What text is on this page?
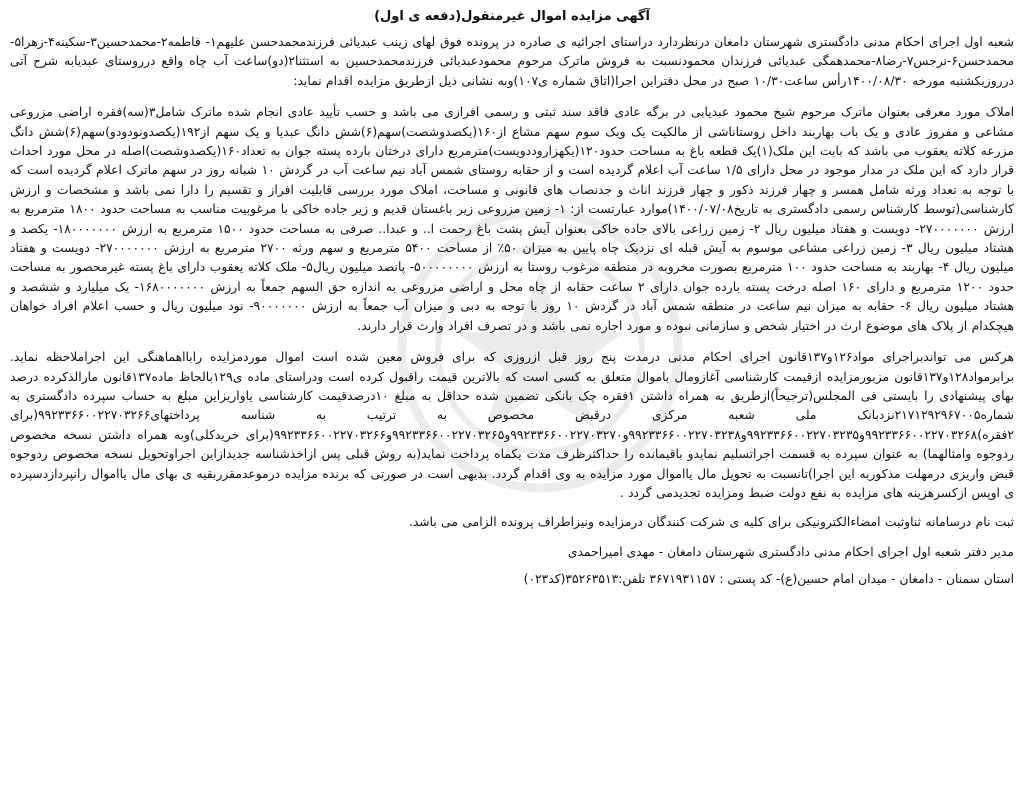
آگهی مزایده اموال غیرمنقول(دفعه ی اول)

شعبه اول اجرای احکام مدنی دادگستری شهرستان دامغان درنظردارد دراستای اجرائیه ی صادره در پرونده فوق لهای زینب عبدیائی فرزندمحمدحسن علیهم۱- فاطمه۲-محمدحسین۳-سکینه۴-زهرا۵-محمدحسن۶-نرجس۷-رضا۸-محمدهمگی عبدیائی فرزندان محمودنسبت به فروش ماترک مرحوم محمودعبدیائی فرزندمحمدحسین به استثنا۲(دو)ساعت آب چاه واقع درروستای عبدیابه شرح آتی درروزیکشنبه مورخه ۱۴۰۰/۰۸/۳۰رأس ساعت۱۰/۳۰ صبح در محل دفتراین اجرا(اتاق شماره ی۱۰۷)وبه نشانی ذیل ازطریق مزایده اقدام نماید:

املاک مورد معرفی بعنوان ماترک مرحوم شیخ محمود عبدیابی در برگه عادی فاقد سند ثبتی و رسمی افرازی می باشد و حسب تأیید عادی انجام شده ماترک شامل۳(سه)فقره اراضی مزروعی مشاعی و مفروز عادی و یک باب بهاربند داخل روستاناشی از مالکیت یک ویک سوم سهم مشاع از۱۶۰(یکصدوشصت)سهم(۶)شش دانگ عبدیا و یک سهم از۱۹۲(یکصدونودودو)سهم(۶)شش دانگ مزرعه کلاته یعقوب می باشد که بابت این ملک(۱)یک قطعه باغ به مساحت حدود۱۲۰(یکهزاروددویست)مترمربع دارای درختان بارده پسته جوان به تعداد۱۶۰(یکصدوشصت)اصله در محل مورد احداث قرار دارد که این ملک در مدار موجود در محل دارای ۱/۵ ساعت آب اعلام گردیده است و از حقابه روستای شمس آباد نیم ساعت آب در گردش ۱۰ شبانه روز در سهم ماترک اعلام گردیده است که با توجه به تعداد ورثه شامل همسر و چهار فرزند ذکور و چهار فرزند اناث و جدنصاب های قانونی و مساحت، املاک مورد بررسی قابلیت افراز و تقسیم را دارا نمی باشد و مشخصات و ارزش کارشناسی(توسط کارشناس رسمی دادگستری به تاریخ۱۴۰۰/۰۷/۰۸)موارد عبارتست از: ۱- زمین مزروعی زیر باغستان قدیم و زیر جاده خاکی با مرغوبیت مناسب به مساحت حدود ۱۸۰۰ مترمربع به ارزش ۲۷۰۰۰۰۰۰۰- دویست و هفتاد میلیون ریال ۲- زمین زراعی بالای جاده خاکی بعنوان آیش پشت باغ رحمت ا.. و عبدا.. صرفی به مساحت حدود ۱۵۰۰ مترمربع به ارزش ۱۸۰۰۰۰۰۰۰- یکصد و هشتاد میلیون ریال ۳- زمین زراعی مشاعی موسوم به آیش قبله ای نزدیک چاه پایین به میزان ۵۰٪ از مساحت ۵۴۰۰ مترمربع و سهم ورثه ۲۷۰۰ مترمربع به ارزش ۲۷۰۰۰۰۰۰۰- دویست و هفتاد میلیون ریال ۴- بهاربند به مساحت حدود ۱۰۰ مترمربع بصورت مخروبه در منطقه مرغوب روستا به ارزش ۵۰۰۰۰۰۰۰۰- پانصد میلیون ریال۵- ملک کلاته یعقوب دارای باغ پسته غیرمحصور به مساحت حدود ۱۲۰۰ مترمربع و دارای ۱۶۰ اصله درخت پسته بارده جوان دارای ۲ ساعت حقابه از چاه محل و اراضی مزروعی به اندازه حق السهم جمعاً به ارزش ۱۶۸۰۰۰۰۰۰۰- یک میلیارد و ششصد و هشتاد میلیون ریال ۶- حقابه به میزان نیم ساعت در منطقه شمس آباد در گردش ۱۰ روز با توجه به دبی و میزان آب جمعاً به ارزش ۹۰۰۰۰۰۰۰- نود میلیون ریال و حسب اعلام افراد خواهان هیچکدام از پلاک های موضوع ارث در اختیار شخص و سازمانی نبوده و مورد اجاره نمی باشد و در تصرف افراد وارث قرار دارند.

هرکس می تواندبراجرای مواد۱۲۶و۱۳۷قانون اجرای احکام مدنی درمدت پنج روز قبل ازروزی که برای فروش معین شده است اموال موردمزایده رابااهماهنگی این اجراملاحظه نماید. برابرمواد۱۲۸و۱۳۷قانون مزبورمزایده ازقیمت کارشناسی آغازومال باموال متعلق به کسی است که بالاترین قیمت راقبول کرده است ودراستای ماده ی۱۲۹بالحاظ ماده۱۳۷قانون مارالذکرده درصد بهای پیشنهادی را بایستی فی المجلس(ترجیحاً)ازطریق به همراه داشتن ۱فقره چک بانکی تضمین شده حداقل به مبلغ ۱۰درصدقیمت کارشناسی یاواریزاین مبلغ به حساب سپرده دادگستری به شماره۲۱۷۱۲۹۲۹۶۷۰۰۵نزدبانک ملی شعبه مرکزی درقبض مخصوص به ترتیب به شناسه پرداختهای۹۹۲۳۳۶۶۰۰۲۲۷۰۳۲۶۶(برای ۲فقره)۹۹۲۳۳۶۶۰۰۲۲۷۰۳۲۶۸و۹۹۲۳۳۶۶۰۰۲۲۷۰۳۲۳۵و۹۹۲۳۳۶۶۰۰۲۲۷۰۳۲۳۸و۹۹۲۳۳۶۶۰۰۲۲۷۰۳۲۷۰و۹۹۲۳۳۶۶۰۰۲۲۷۰۳۲۶۵و۹۹۲۳۳۶۶۰۰۲۲۷۰۳۲۶۶(برای خریدکلی)وبه همراه داشتن نسخه مخصوص ردوجوه وامثالهما) به عنوان سپرده به قسمت اجراتسلیم نمایدو باقیمانده را حداکثرظرف مدت یکماه پرداخت نماید(به روش قبلی پس ازاخذشناسه جدیدازاین اجراوتحویل نسخه مخصوص ردوجوه قبض واریزی درمهلت مذکوربه این اجرا)تانسبت به تحویل مال یااموال مورد مزایده به وی اقدام گردد. بدیهی است در صورتی که برنده مزایده درموعدمقرربقیه ی بهای مال یااموال رانپردازدسپرده ی اوپس ازکسرهزینه های مزایده به نفع دولت ضبط ومزایده تجدیدمی گردد .

ثبت نام درسامانه ثناوثبت امضاءالکترونیکی برای کلیه ی شرکت کنندگان درمزایده ونیزاطراف پرونده الزامی می باشد.

مدیر دفتر شعبه اول اجرای احکام مدنی دادگستری شهرستان دامغان - مهدی امیراحمدی

استان سمنان - دامغان - میدان امام حسین(ع)- کد پستی : ۳۶۷۱۹۳۱۱۵۷ تلفن:۳۵۲۶۳۵۱۳(کد۰۲۳)
